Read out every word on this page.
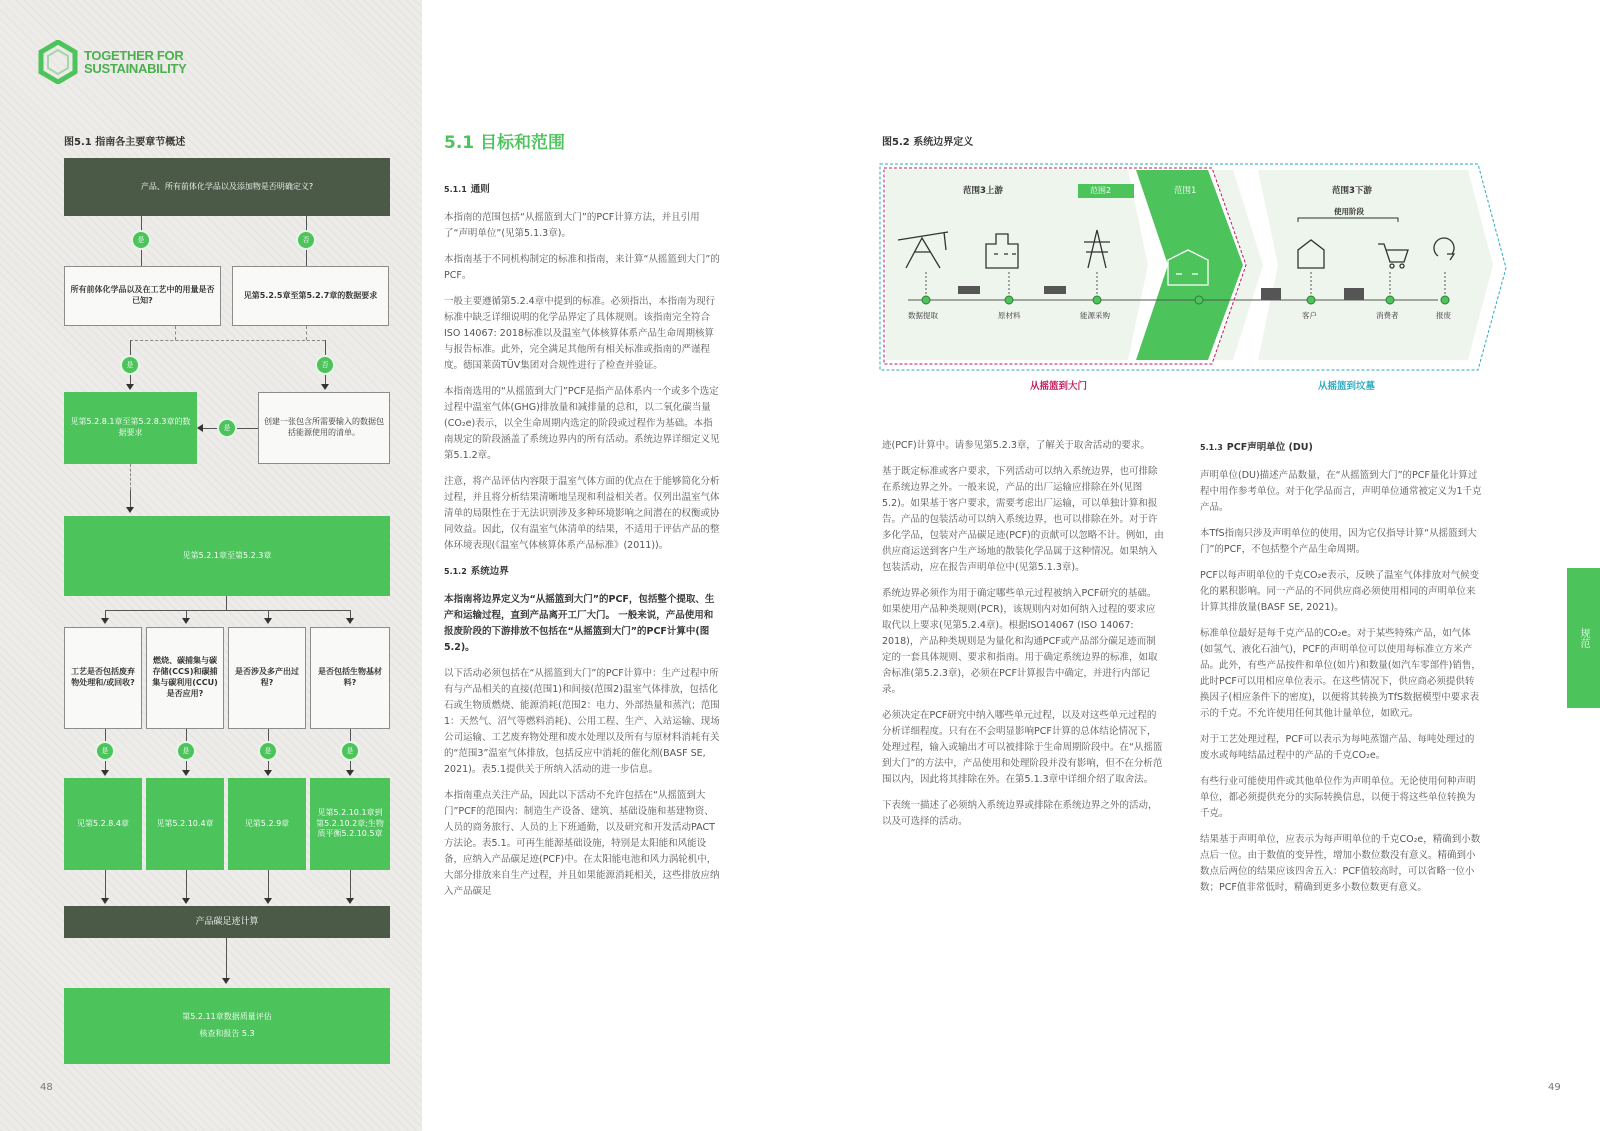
TOGETHER FOR
SUSTAINABILITY
图5.1 指南各主要章节概述
产品、所有前体化学品以及添加物是否明确定义?
是	否
所有前体化学品以及在工艺中的用量是否已知?
见第5.2.5章至第5.2.7章的数据要求
是	否
见第5.2.8.1章至第5.2.8.3章的数据要求
创建一张包含所需要输入的数据包括能源使用的清单。
是
见第5.2.1章至第5.2.3章
工艺是否包括废弃物处理和/或回收?
燃烧、碳捕集与碳存储(CCS)和碳捕集与碳利用(CCU)是否应用?
是否涉及多产出过程?
是否包括生物基材料?
是	是	是	是
见第5.2.8.4章	见第5.2.10.4章	见第5.2.9章
见第5.2.10.1章到第5.2.10.2章;生物质平衡5.2.10.5章
产品碳足迹计算
第5.2.11章数据质量评估
核查和报告 5.3
48
5.1 目标和范围
5.1.1 通则

本指南的范围包括“从摇篮到大门”的PCF计算方法，并且引用了“声明单位”(见第5.1.3章)。

本指南基于不同机构制定的标准和指南，来计算“从摇篮到大门”的PCF。

一般主要遵循第5.2.4章中提到的标准。必须指出，本指南为现行标准中缺乏详细说明的化学品界定了具体规则。该指南完全符合ISO 14067: 2018标准以及温室气体核算体系产品生命周期核算与报告标准。此外，完全满足其他所有相关标准或指南的严谨程度。德国莱茵TÜV集团对合规性进行了检查并验证。

本指南选用的“从摇篮到大门”PCF是指产品体系内一个或多个选定过程中温室气体(GHG)排放量和减排量的总和，以二氧化碳当量(CO₂e)表示，以全生命周期内选定的阶段或过程作为基础。本指南规定的阶段涵盖了系统边界内的所有活动。系统边界详细定义见第5.1.2章。

注意，将产品评估内容限于温室气体方面的优点在于能够简化分析过程，并且将分析结果清晰地呈现和利益相关者。仅列出温室气体清单的局限性在于无法识别涉及多种环境影响之间潜在的权衡或协同效益。因此，仅有温室气体清单的结果，不适用于评估产品的整体环境表现(《温室气体核算体系产品标准》(2011))。

5.1.2 系统边界

本指南将边界定义为“从摇篮到大门”的PCF，包括整个提取、生产和运输过程，直到产品离开工厂大门。 一般来说，产品使用和报废阶段的下游排放不包括在“从摇篮到大门”的PCF计算中(图5.2)。

以下活动必须包括在“从摇篮到大门”的PCF计算中：生产过程中所有与产品相关的直接(范围1)和间接(范围2)温室气体排放，包括化石或生物质燃烧、能源消耗(范围2：电力、外部热量和蒸汽；范围1：天然气、沼气等燃料消耗)、公用工程、生产、入站运输、现场公司运输、工艺废弃物处理和废水处理以及所有与原材料消耗有关的“范围3”温室气体排放，包括反应中消耗的催化剂(BASF SE, 2021)。表5.1提供关于所纳入活动的进一步信息。

本指南重点关注产品，因此以下活动不允许包括在“从摇篮到大门”PCF的范围内：制造生产设备、建筑、基础设施和基建物资、人员的商务旅行、人员的上下班通勤，以及研究和开发活动PACT方法论。表5.1。可再生能源基础设施，特别是太阳能和风能设备，应纳入产品碳足迹(PCF)中。在太阳能电池和风力涡轮机中，大部分排放来自生产过程，并且如果能源消耗相关，这些排放应纳入产品碳足

图5.2 系统边界定义
范围3上游	范围2	范围1	范围3下游
使用阶段
数据提取	原材料	能源采购	客户	消费者	报废
从摇篮到大门	从摇篮到坟墓

迹(PCF)计算中。请参见第5.2.3章，了解关于取舍活动的要求。

基于既定标准或客户要求，下列活动可以纳入系统边界，也可排除在系统边界之外。一般来说，产品的出厂运输应排除在外(见图5.2)。如果基于客户要求，需要考虑出厂运输，可以单独计算和报告。产品的包装活动可以纳入系统边界，也可以排除在外。对于许多化学品，包装对产品碳足迹(PCF)的贡献可以忽略不计。例如，由供应商运送到客户生产场地的散装化学品属于这种情况。如果纳入包装活动，应在报告声明单位中(见第5.1.3章)。

系统边界必须作为用于确定哪些单元过程被纳入PCF研究的基础。如果使用产品种类规则(PCR)，该规则内对如何纳入过程的要求应取代以上要求(见第5.2.4章)。根据ISO14067 (ISO 14067: 2018)，产品种类规则是为量化和沟通PCF或产品部分碳足迹而制定的一套具体规则、要求和指南。用于确定系统边界的标准，如取舍标准(第5.2.3章)，必须在PCF计算报告中确定，并进行内部记录。

必须决定在PCF研究中纳入哪些单元过程，以及对这些单元过程的分析详细程度。只有在不会明显影响PCF计算的总体结论情况下，处理过程，输入或输出才可以被排除于生命周期阶段中。在“从摇篮到大门”的方法中，产品使用和处理阶段并没有影响，但不在分析范围以内，因此将其排除在外。在第5.1.3章中详细介绍了取舍法。

下表统一描述了必须纳入系统边界或排除在系统边界之外的活动，以及可选择的活动。

5.1.3 PCF声明单位 (DU)

声明单位(DU)描述产品数量，在“从摇篮到大门”的PCF量化计算过程中用作参考单位。对于化学品而言，声明单位通常被定义为1千克产品。

本TfS指南只涉及声明单位的使用，因为它仅指导计算“从摇篮到大门”的PCF，不包括整个产品生命周期。

PCF以每声明单位的千克CO₂e表示，反映了温室气体排放对气候变化的累积影响。同一产品的不同供应商必须使用相同的声明单位来计算其排放量(BASF SE, 2021)。

标准单位最好是每千克产品的CO₂e。对于某些特殊产品，如气体(如氢气、液化石油气)，PCF的声明单位可以使用每标准立方米产品。此外，有些产品按件和单位(如片)和数量(如汽车零部件)销售，此时PCF可以用相应单位表示。在这些情况下，供应商必须提供转换因子(相应条件下的密度)，以便将其转换为TfS数据模型中要求表示的千克。不允许使用任何其他计量单位，如欧元。

对于工艺处理过程，PCF可以表示为每吨蒸馏产品、每吨处理过的废水或每吨结晶过程中的产品的千克CO₂e。

有些行业可能使用件或其他单位作为声明单位。无论使用何种声明单位，都必须提供充分的实际转换信息，以便于将这些单位转换为千克。

结果基于声明单位，应表示为每声明单位的千克CO₂e，精确到小数点后一位。由于数值的变异性，增加小数位数没有意义。精确到小数点后两位的结果应该四舍五入：PCF值较高时，可以省略一位小数；PCF值非常低时，精确到更多小数位数更有意义。

规范
49
